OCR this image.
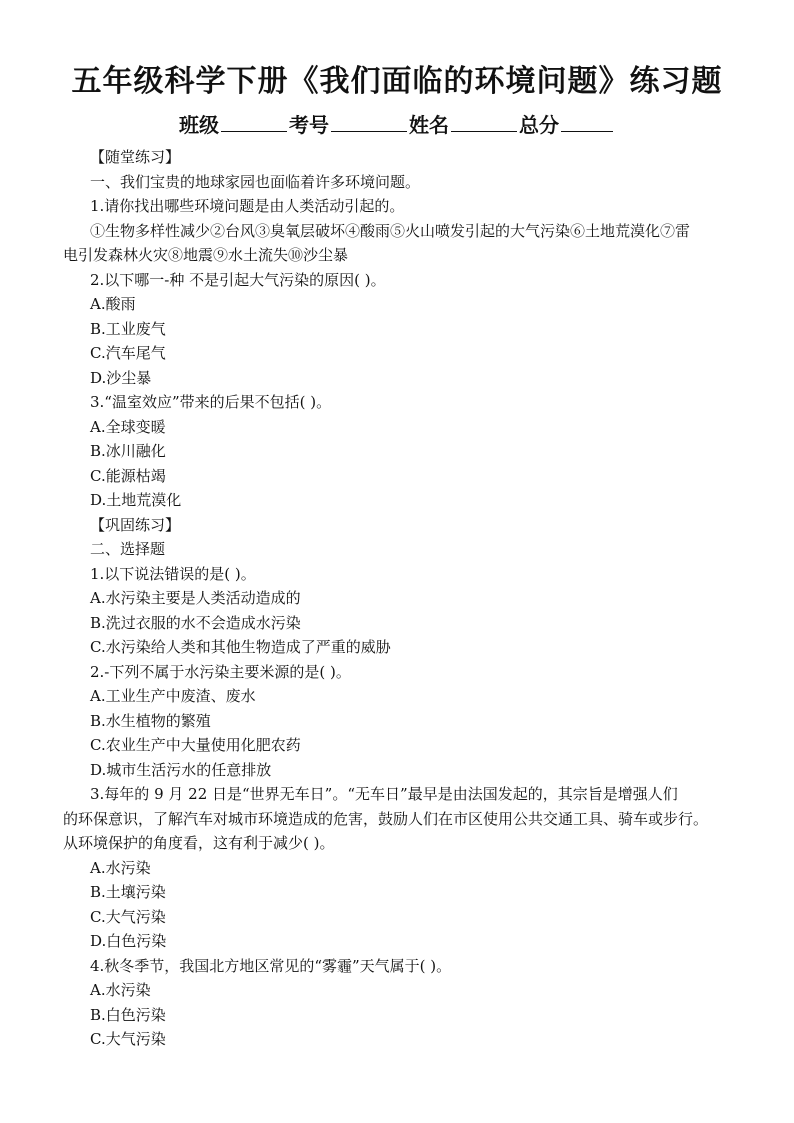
五年级科学下册《我们面临的环境问题》练习题
班级	考号	姓名	总分
【随堂练习】
一、我们宝贵的地球家园也面临着许多环境问题。
1.请你找出哪些环境问题是由人类活动引起的。
①生物多样性减少②台风③臭氧层破坏④酸雨⑤火山喷发引起的大气污染⑥土地荒漠化⑦雷
电引发森林火灾⑧地震⑨水土流失⑩沙尘暴
2.以下哪一-种 不是引起大气污染的原因( )。
A.酸雨
B.工业废气
C.汽车尾气
D.沙尘暴
3.“温室效应”带来的后果不包括( )。
A.全球变暖
B.冰川融化
C.能源枯竭
D.土地荒漠化
【巩固练习】
二、选择题
1.以下说法错误的是( )。
A.水污染主要是人类活动造成的
B.洗过衣服的水不会造成水污染
C.水污染给人类和其他生物造成了严重的威胁
2.-下列不属于水污染主要米源的是( )。
A.工业生产中废渣、废水
B.水生植物的繁殖
C.农业生产中大量使用化肥农药
D.城市生活污水的任意排放
3.每年的 9 月 22 日是“世界无车日”。“无车日”最早是由法国发起的，其宗旨是增强人们
的环保意识，了解汽车对城市环境造成的危害，鼓励人们在市区使用公共交通工具、骑车或步行。
从环境保护的角度看，这有利于减少( )。
A.水污染
B.土壤污染
C.大气污染
D.白色污染
4.秋冬季节，我国北方地区常见的“雾霾”天气属于( )。
A.水污染
B.白色污染
C.大气污染
